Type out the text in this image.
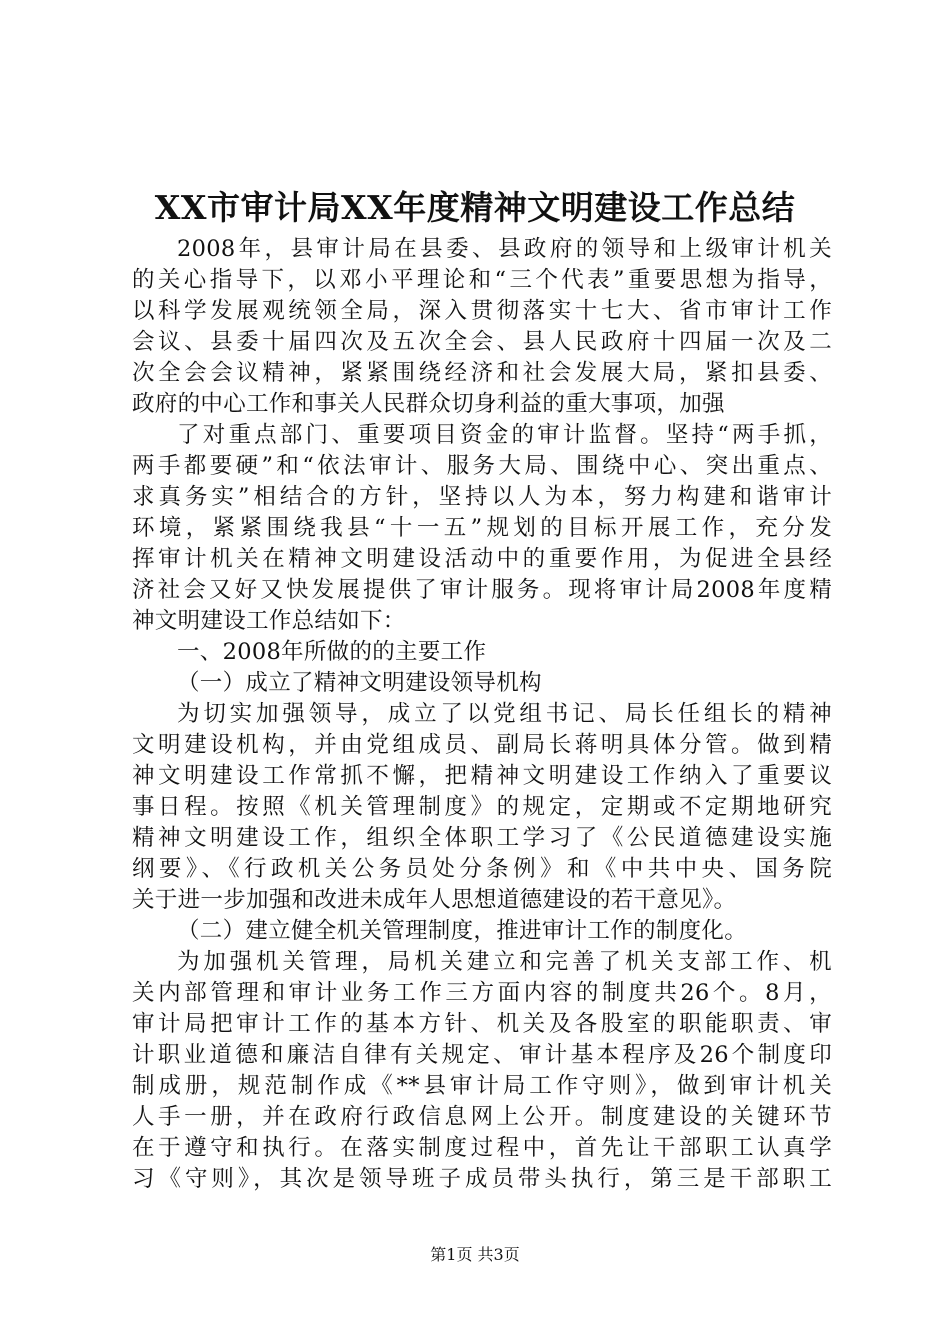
XX市审计局XX年度精神文明建设工作总结
2008年，县审计局在县委、县政府的领导和上级审计机关
的关心指导下，以邓小平理论和“三个代表”重要思想为指导，
以科学发展观统领全局，深入贯彻落实十七大、省市审计工作
会议、县委十届四次及五次全会、县人民政府十四届一次及二
次全会会议精神，紧紧围绕经济和社会发展大局，紧扣县委、
政府的中心工作和事关人民群众切身利益的重大事项，加强
了对重点部门、重要项目资金的审计监督。坚持“两手抓，
两手都要硬”和“依法审计、服务大局、围绕中心、突出重点、
求真务实”相结合的方针，坚持以人为本，努力构建和谐审计
环境，紧紧围绕我县“十一五”规划的目标开展工作，充分发
挥审计机关在精神文明建设活动中的重要作用，为促进全县经
济社会又好又快发展提供了审计服务。现将审计局2008年度精
神文明建设工作总结如下：
一、2008年所做的的主要工作
（一）成立了精神文明建设领导机构
为切实加强领导，成立了以党组书记、局长任组长的精神
文明建设机构，并由党组成员、副局长蒋明具体分管。做到精
神文明建设工作常抓不懈，把精神文明建设工作纳入了重要议
事日程。按照《机关管理制度》的规定，定期或不定期地研究
精神文明建设工作，组织全体职工学习了《公民道德建设实施
纲要》、《行政机关公务员处分条例》和《中共中央、国务院
关于进一步加强和改进未成年人思想道德建设的若干意见》。
（二）建立健全机关管理制度，推进审计工作的制度化。
为加强机关管理，局机关建立和完善了机关支部工作、机
关内部管理和审计业务工作三方面内容的制度共26个。8月，
审计局把审计工作的基本方针、机关及各股室的职能职责、审
计职业道德和廉洁自律有关规定、审计基本程序及26个制度印
制成册，规范制作成《**县审计局工作守则》，做到审计机关
人手一册，并在政府行政信息网上公开。制度建设的关键环节
在于遵守和执行。在落实制度过程中，首先让干部职工认真学
习《守则》，其次是领导班子成员带头执行，第三是干部职工
第1页 共3页
